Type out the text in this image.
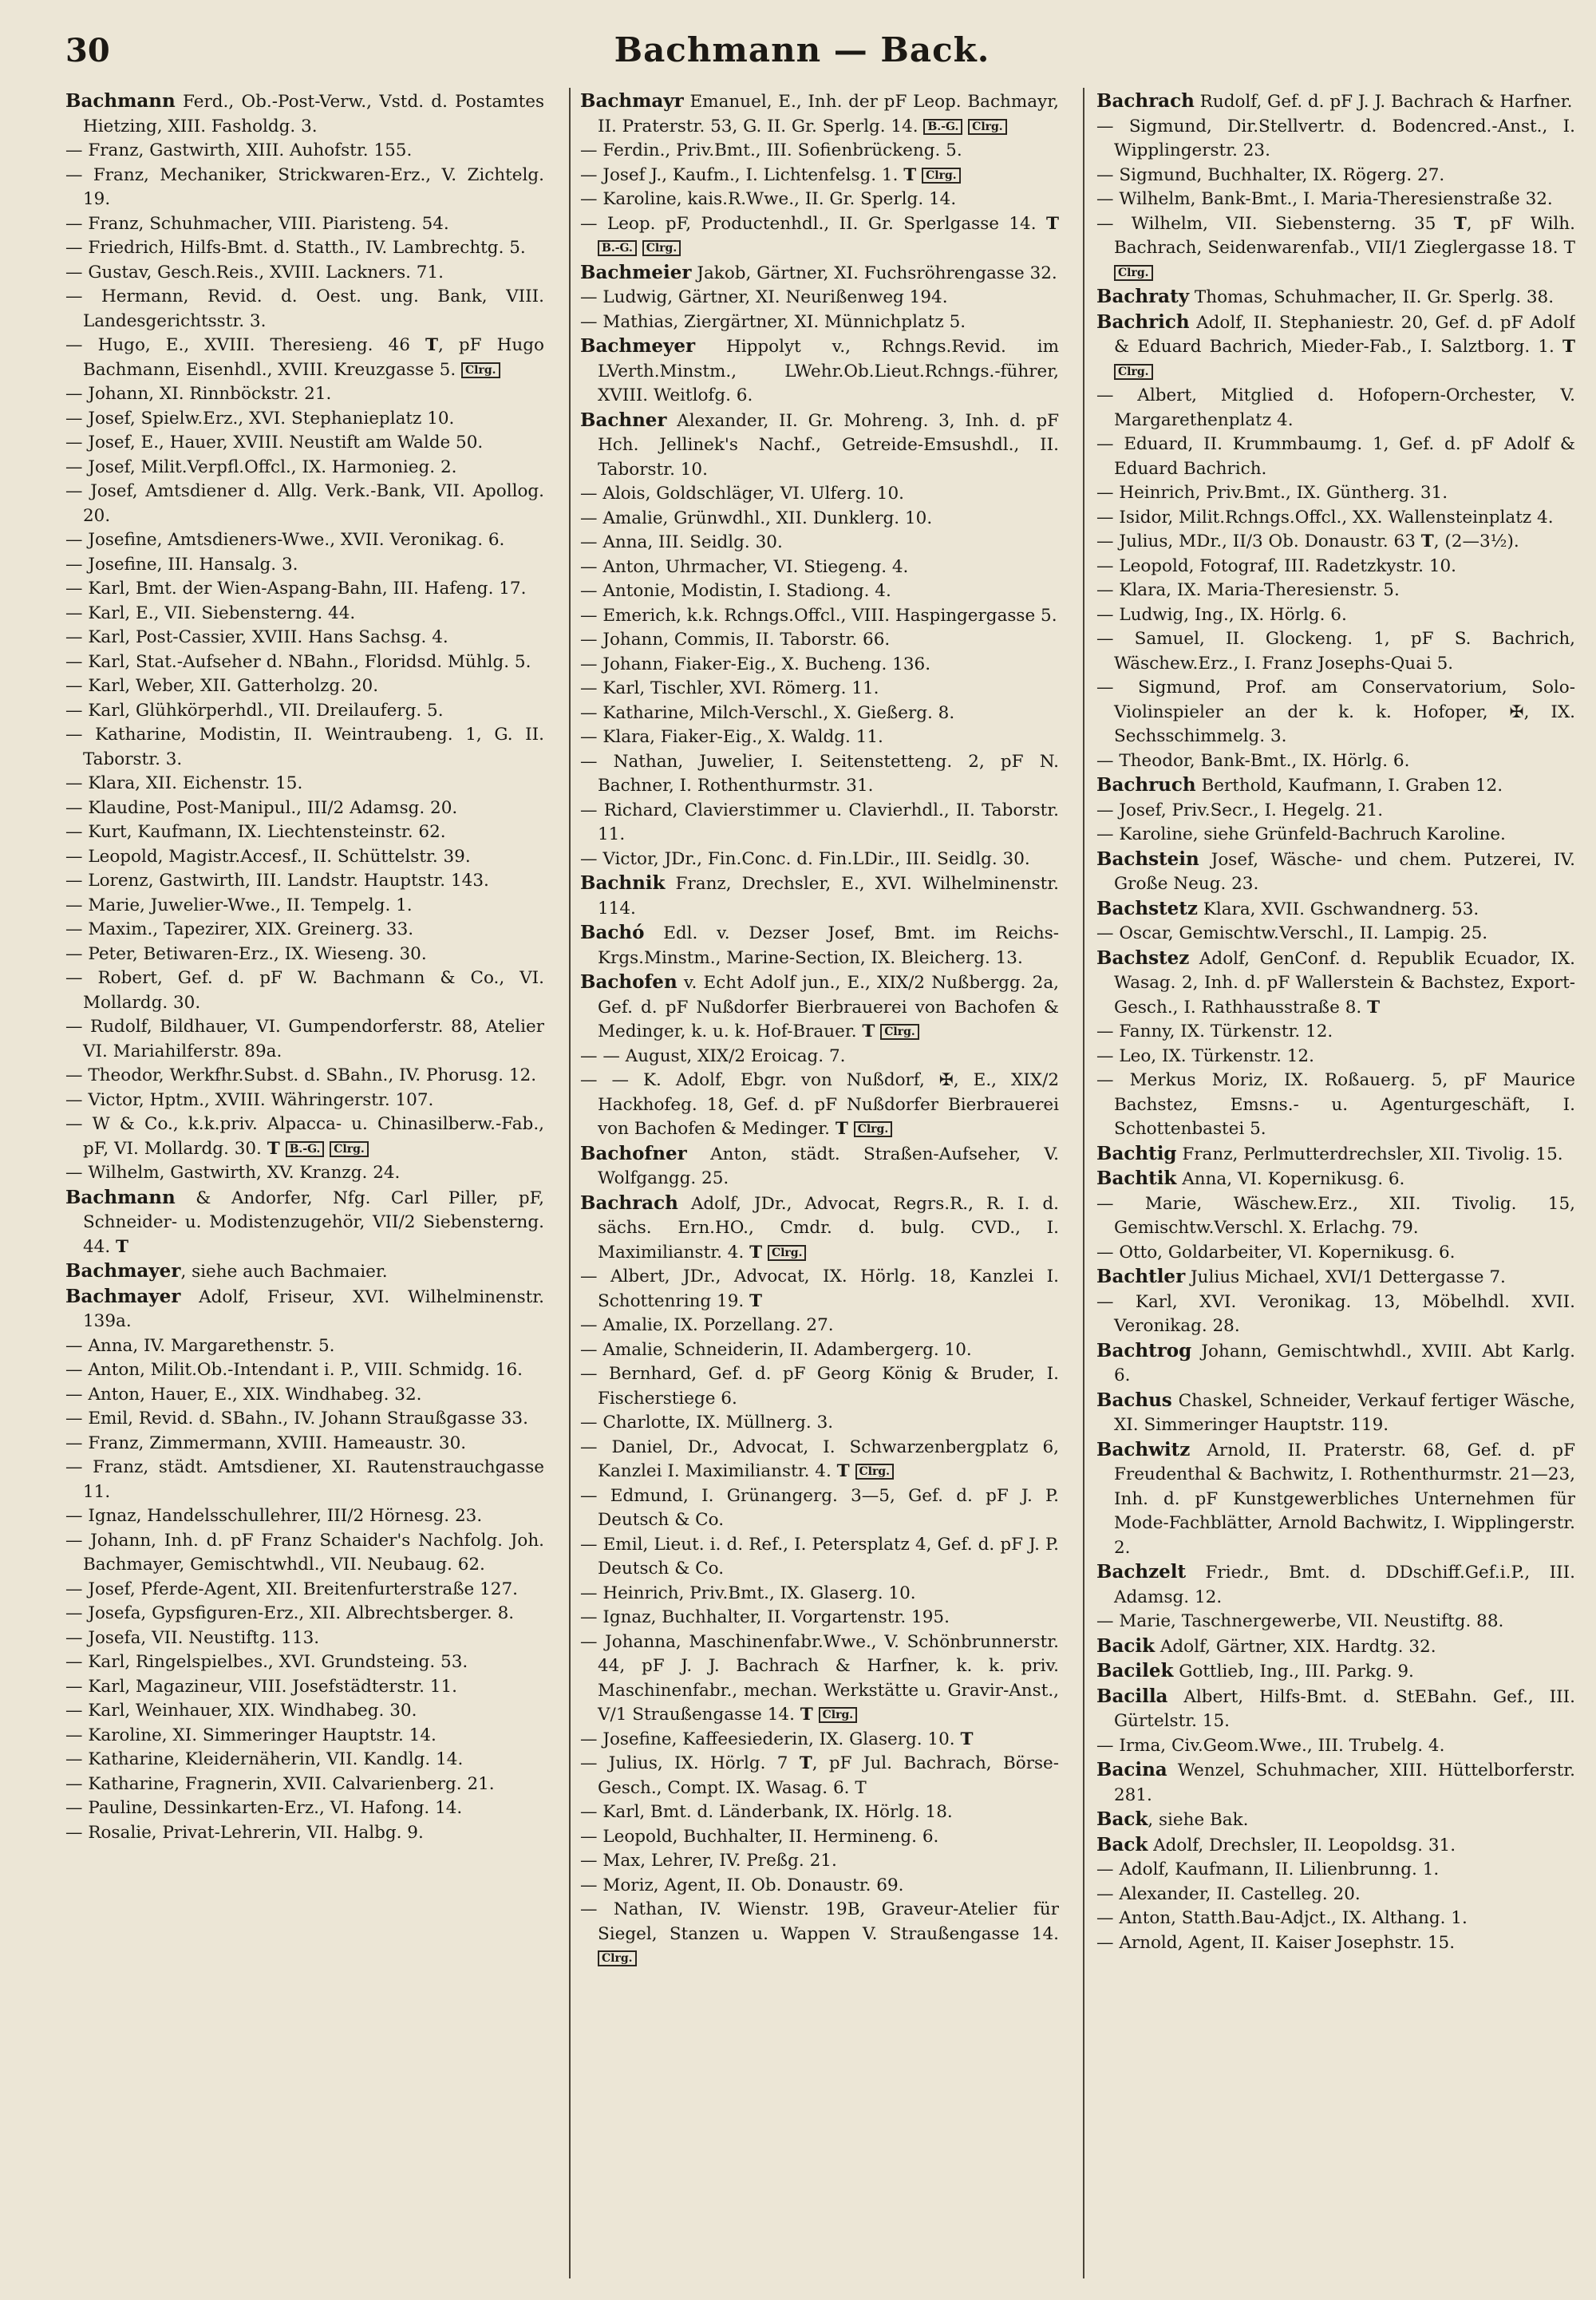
30	Bachmann — Back.
Bachmann Ferd., Ob.-Post-Verw., Vstd. d. Postamtes Hietzing, XIII. Fasholdg. 3.
— Franz, Gastwirth, XIII. Auhofstr. 155.
— Franz, Mechaniker, Strickwaren-Erz., V. Zichtelg. 19.
— Franz, Schuhmacher, VIII. Piaristeng. 54.
— Friedrich, Hilfs-Bmt. d. Statth., IV. Lambrechtg. 5.
— Gustav, Gesch.Reis., XVIII. Lackners. 71.
— Hermann, Revid. d. Oest. ung. Bank, VIII. Landesgerichtsstr. 3.
— Hugo, E., XVIII. Theresieng. 46 T, pF Hugo Bachmann, Eisenhdl., XVIII. Kreuzgasse 5. Clrg.
— Johann, XI. Rinnböckstr. 21.
— Josef, Spielw.Erz., XVI. Stephanieplatz 10.
— Josef, E., Hauer, XVIII. Neustift am Walde 50.
— Josef, Milit.Verpfl.Offcl., IX. Harmonieg. 2.
— Josef, Amtsdiener d. Allg. Verk.-Bank, VII. Apollog. 20.
— Josefine, Amtsdieners-Wwe., XVII. Veronikag. 6.
— Josefine, III. Hansalg. 3.
— Karl, Bmt. der Wien-Aspang-Bahn, III. Hafeng. 17.
— Karl, E., VII. Siebensterng. 44.
— Karl, Post-Cassier, XVIII. Hans Sachsg. 4.
— Karl, Stat.-Aufseher d. NBahn., Floridsd. Mühlg. 5.
— Karl, Weber, XII. Gatterholzg. 20.
— Karl, Glühkörperhdl., VII. Dreilauferg. 5.
— Katharine, Modistin, II. Weintraubeng. 1, G. II. Taborstr. 3.
— Klara, XII. Eichenstr. 15.
— Klaudine, Post-Manipul., III/2 Adamsg. 20.
— Kurt, Kaufmann, IX. Liechtensteinstr. 62.
— Leopold, Magistr.Accesf., II. Schüttelstr. 39.
— Lorenz, Gastwirth, III. Landstr. Hauptstr. 143.
— Marie, Juwelier-Wwe., II. Tempelg. 1.
— Maxim., Tapezirer, XIX. Greinerg. 33.
— Peter, Betiwaren-Erz., IX. Wieseng. 30.
— Robert, Gef. d. pF W. Bachmann & Co., VI. Mollardg. 30.
— Rudolf, Bildhauer, VI. Gumpendorferstr. 88, Atelier VI. Mariahilferstr. 89a.
— Theodor, Werkfhr.Subst. d. SBahn., IV. Phorusg. 12.
— Victor, Hptm., XVIII. Währingerstr. 107.
— W & Co., k.k.priv. Alpacca- u. Chinasilberw.-Fab., pF, VI. Mollardg. 30. T B.-G. Clrg.
— Wilhelm, Gastwirth, XV. Kranzg. 24.
Bachmann & Andorfer, Nfg. Carl Piller, pF, Schneider- u. Modistenzugehör, VII/2 Siebensterng. 44. T
Bachmayer, siehe auch Bachmaier.
Bachmayer Adolf, Friseur, XVI. Wilhelminenstr. 139a.
— Anna, IV. Margarethenstr. 5.
— Anton, Milit.Ob.-Intendant i. P., VIII. Schmidg. 16.
— Anton, Hauer, E., XIX. Windhabeg. 32.
— Emil, Revid. d. SBahn., IV. Johann Straußgasse 33.
— Franz, Zimmermann, XVIII. Hameaustr. 30.
— Franz, städt. Amtsdiener, XI. Rautenstrauchgasse 11.
— Ignaz, Handelsschullehrer, III/2 Hörnesg. 23.
— Johann, Inh. d. pF Franz Schaider's Nachfolg. Joh. Bachmayer, Gemischtwhdl., VII. Neubaug. 62.
— Josef, Pferde-Agent, XII. Breitenfurterstraße 127.
— Josefa, Gypsfiguren-Erz., XII. Albrechtsberger. 8.
— Josefa, VII. Neustiftg. 113.
— Karl, Ringelspielbes., XVI. Grundsteing. 53.
— Karl, Magazineur, VIII. Josefstädterstr. 11.
— Karl, Weinhauer, XIX. Windhabeg. 30.
— Karoline, XI. Simmeringer Hauptstr. 14.
— Katharine, Kleidernäherin, VII. Kandlg. 14.
— Katharine, Fragnerin, XVII. Calvarienberg. 21.
— Pauline, Dessinkarten-Erz., VI. Hafong. 14.
— Rosalie, Privat-Lehrerin, VII. Halbg. 9.
Bachmayr Emanuel, E., Inh. der pF Leop. Bachmayr, II. Praterstr. 53, G. II. Gr. Sperlg. 14. B.-G. Clrg.
— Ferdin., Priv.Bmt., III. Sofienbrückeng. 5.
— Josef J., Kaufm., I. Lichtenfelsg. 1. T Clrg.
— Karoline, kais.R.Wwe., II. Gr. Sperlg. 14.
— Leop. pF, Productenhdl., II. Gr. Sperlgasse 14. T B.-G. Clrg.
Bachmeier Jakob, Gärtner, XI. Fuchsröhrengasse 32.
— Ludwig, Gärtner, XI. Neurißenweg 194.
— Mathias, Ziergärtner, XI. Münnichplatz 5.
Bachmeyer Hippolyt v., Rchngs.Revid. im LVerth.Minstm., LWehr.Ob.Lieut.Rchngs.-führer, XVIII. Weitlofg. 6.
Bachner Alexander, II. Gr. Mohreng. 3, Inh. d. pF Hch. Jellinek's Nachf., Getreide-Emsushdl., II. Taborstr. 10.
— Alois, Goldschläger, VI. Ulferg. 10.
— Amalie, Grünwdhl., XII. Dunklerg. 10.
— Anna, III. Seidlg. 30.
— Anton, Uhrmacher, VI. Stiegeng. 4.
— Antonie, Modistin, I. Stadiong. 4.
— Emerich, k.k. Rchngs.Offcl., VIII. Haspingergasse 5.
— Johann, Commis, II. Taborstr. 66.
— Johann, Fiaker-Eig., X. Bucheng. 136.
— Karl, Tischler, XVI. Römerg. 11.
— Katharine, Milch-Verschl., X. Gießerg. 8.
— Klara, Fiaker-Eig., X. Waldg. 11.
— Nathan, Juwelier, I. Seitenstetteng. 2, pF N. Bachner, I. Rothenthurmstr. 31.
— Richard, Clavierstimmer u. Clavierhdl., II. Taborstr. 11.
— Victor, JDr., Fin.Conc. d. Fin.LDir., III. Seidlg. 30.
Bachnik Franz, Drechsler, E., XVI. Wilhelminenstr. 114.
Bachó Edl. v. Dezser Josef, Bmt. im Reichs-Krgs.Minstm., Marine-Section, IX. Bleicherg. 13.
Bachofen v. Echt Adolf jun., E., XIX/2 Nußbergg. 2a, Gef. d. pF Nußdorfer Bierbrauerei von Bachofen & Medinger, k. u. k. Hof-Brauer. T Clrg.
— — August, XIX/2 Eroicag. 7.
— — K. Adolf, Ebgr. von Nußdorf, ✠, E., XIX/2 Hackhofeg. 18, Gef. d. pF Nußdorfer Bierbrauerei von Bachofen & Medinger. T Clrg.
Bachofner Anton, städt. Straßen-Aufseher, V. Wolfgangg. 25.
Bachrach Adolf, JDr., Advocat, Regrs.R., R. I. d. sächs. Ern.HO., Cmdr. d. bulg. CVD., I. Maximilianstr. 4. T Clrg.
— Albert, JDr., Advocat, IX. Hörlg. 18, Kanzlei I. Schottenring 19. T
— Amalie, IX. Porzellang. 27.
— Amalie, Schneiderin, II. Adambergerg. 10.
— Bernhard, Gef. d. pF Georg König & Bruder, I. Fischerstiege 6.
— Charlotte, IX. Müllnerg. 3.
— Daniel, Dr., Advocat, I. Schwarzenbergplatz 6, Kanzlei I. Maximilianstr. 4. T Clrg.
— Edmund, I. Grünangerg. 3—5, Gef. d. pF J. P. Deutsch & Co.
— Emil, Lieut. i. d. Ref., I. Petersplatz 4, Gef. d. pF J. P. Deutsch & Co.
— Heinrich, Priv.Bmt., IX. Glaserg. 10.
— Ignaz, Buchhalter, II. Vorgartenstr. 195.
— Johanna, Maschinenfabr.Wwe., V. Schönbrunnerstr. 44, pF J. J. Bachrach & Harfner, k. k. priv. Maschinenfabr., mechan. Werkstätte u. Gravir-Anst., V/1 Straußengasse 14. T Clrg.
— Josefine, Kaffeesiederin, IX. Glaserg. 10. T
— Julius, IX. Hörlg. 7 T, pF Jul. Bachrach, Börse-Gesch., Compt. IX. Wasag. 6. T
— Karl, Bmt. d. Länderbank, IX. Hörlg. 18.
— Leopold, Buchhalter, II. Hermineng. 6.
— Max, Lehrer, IV. Preßg. 21.
— Moriz, Agent, II. Ob. Donaustr. 69.
— Nathan, IV. Wienstr. 19B, Graveur-Atelier für Siegel, Stanzen u. Wappen V. Straußengasse 14. Clrg.
Bachrach Rudolf, Gef. d. pF J. J. Bachrach & Harfner.
— Sigmund, Dir.Stellvertr. d. Bodencred.-Anst., I. Wipplingerstr. 23.
— Sigmund, Buchhalter, IX. Rögerg. 27.
— Wilhelm, Bank-Bmt., I. Maria-Theresienstraße 32.
— Wilhelm, VII. Siebensterng. 35 T, pF Wilh. Bachrach, Seidenwarenfab., VII/1 Zieglergasse 18. T Clrg.
Bachraty Thomas, Schuhmacher, II. Gr. Sperlg. 38.
Bachrich Adolf, II. Stephaniestr. 20, Gef. d. pF Adolf & Eduard Bachrich, Mieder-Fab., I. Salztborg. 1. T Clrg.
— Albert, Mitglied d. Hofopern-Orchester, V. Margarethenplatz 4.
— Eduard, II. Krummbaumg. 1, Gef. d. pF Adolf & Eduard Bachrich.
— Heinrich, Priv.Bmt., IX. Güntherg. 31.
— Isidor, Milit.Rchngs.Offcl., XX. Wallensteinplatz 4.
— Julius, MDr., II/3 Ob. Donaustr. 63 T, (2—3½).
— Leopold, Fotograf, III. Radetzkystr. 10.
— Klara, IX. Maria-Theresienstr. 5.
— Ludwig, Ing., IX. Hörlg. 6.
— Samuel, II. Glockeng. 1, pF S. Bachrich, Wäschew.Erz., I. Franz Josephs-Quai 5.
— Sigmund, Prof. am Conservatorium, Solo-Violinspieler an der k. k. Hofoper, ✠, IX. Sechsschimmelg. 3.
— Theodor, Bank-Bmt., IX. Hörlg. 6.
Bachruch Berthold, Kaufmann, I. Graben 12.
— Josef, Priv.Secr., I. Hegelg. 21.
— Karoline, siehe Grünfeld-Bachruch Karoline.
Bachstein Josef, Wäsche- und chem. Putzerei, IV. Große Neug. 23.
Bachstetz Klara, XVII. Gschwandnerg. 53.
— Oscar, Gemischtw.Verschl., II. Lampig. 25.
Bachstez Adolf, GenConf. d. Republik Ecuador, IX. Wasag. 2, Inh. d. pF Wallerstein & Bachstez, Export-Gesch., I. Rathhausstraße 8. T
— Fanny, IX. Türkenstr. 12.
— Leo, IX. Türkenstr. 12.
— Merkus Moriz, IX. Roßauerg. 5, pF Maurice Bachstez, Emsns.- u. Agenturgeschäft, I. Schottenbastei 5.
Bachtig Franz, Perlmutterdrechsler, XII. Tivolig. 15.
Bachtik Anna, VI. Kopernikusg. 6.
— Marie, Wäschew.Erz., XII. Tivolig. 15, Gemischtw.Verschl. X. Erlachg. 79.
— Otto, Goldarbeiter, VI. Kopernikusg. 6.
Bachtler Julius Michael, XVI/1 Dettergasse 7.
— Karl, XVI. Veronikag. 13, Möbelhdl. XVII. Veronikag. 28.
Bachtrog Johann, Gemischtwhdl., XVIII. Abt Karlg. 6.
Bachus Chaskel, Schneider, Verkauf fertiger Wäsche, XI. Simmeringer Hauptstr. 119.
Bachwitz Arnold, II. Praterstr. 68, Gef. d. pF Freudenthal & Bachwitz, I. Rothenthurmstr. 21—23, Inh. d. pF Kunstgewerbliches Unternehmen für Mode-Fachblätter, Arnold Bachwitz, I. Wipplingerstr. 2.
Bachzelt Friedr., Bmt. d. DDschiff.Gef.i.P., III. Adamsg. 12.
— Marie, Taschnergewerbe, VII. Neustiftg. 88.
Bacik Adolf, Gärtner, XIX. Hardtg. 32.
Bacilek Gottlieb, Ing., III. Parkg. 9.
Bacilla Albert, Hilfs-Bmt. d. StEBahn. Gef., III. Gürtelstr. 15.
— Irma, Civ.Geom.Wwe., III. Trubelg. 4.
Bacina Wenzel, Schuhmacher, XIII. Hüttelborferstr. 281.
Back, siehe Bak.
Back Adolf, Drechsler, II. Leopoldsg. 31.
— Adolf, Kaufmann, II. Lilienbrunng. 1.
— Alexander, II. Castelleg. 20.
— Anton, Statth.Bau-Adjct., IX. Althang. 1.
— Arnold, Agent, II. Kaiser Josephstr. 15.
